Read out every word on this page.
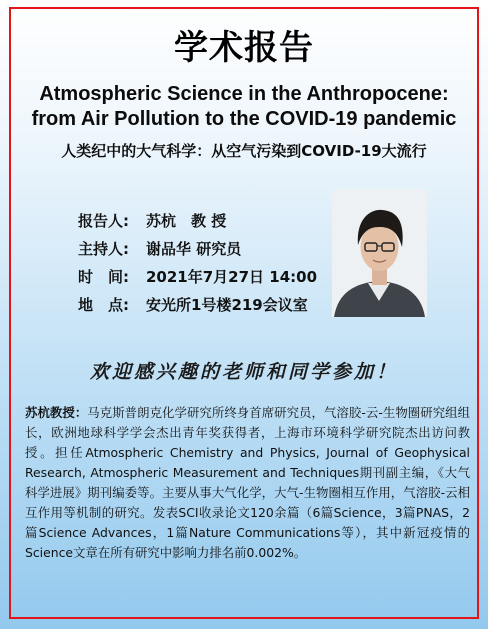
学术报告
Atmospheric Science in the Anthropocene:
from Air Pollution to the COVID-19 pandemic
人类纪中的大气科学：从空气污染到COVID-19大流行
报告人: 苏杭　教 授
主持人: 谢品华 研究员
时　间: 2021年7月27日 14:00
地　点: 安光所1号楼219会议室
欢迎感兴趣的老师和同学参加！
苏杭教授：马克斯普朗克化学研究所终身首席研究员，气溶胶-云-生物圈研究组组长，欧洲地球科学学会杰出青年奖获得者，上海市环境科学研究院杰出访问教授。担任Atmospheric Chemistry and Physics, Journal of Geophysical Research, Atmospheric Measurement and Techniques期刊副主编，《大气科学进展》期刊编委等。主要从事大气化学，大气-生物圈相互作用，气溶胶-云相互作用等机制的研究。发表SCI收录论文120余篇（6篇Science，3篇PNAS，2篇Science Advances，1篇Nature Communications等），其中新冠疫情的Science文章在所有研究中影响力排名前0.002%。
